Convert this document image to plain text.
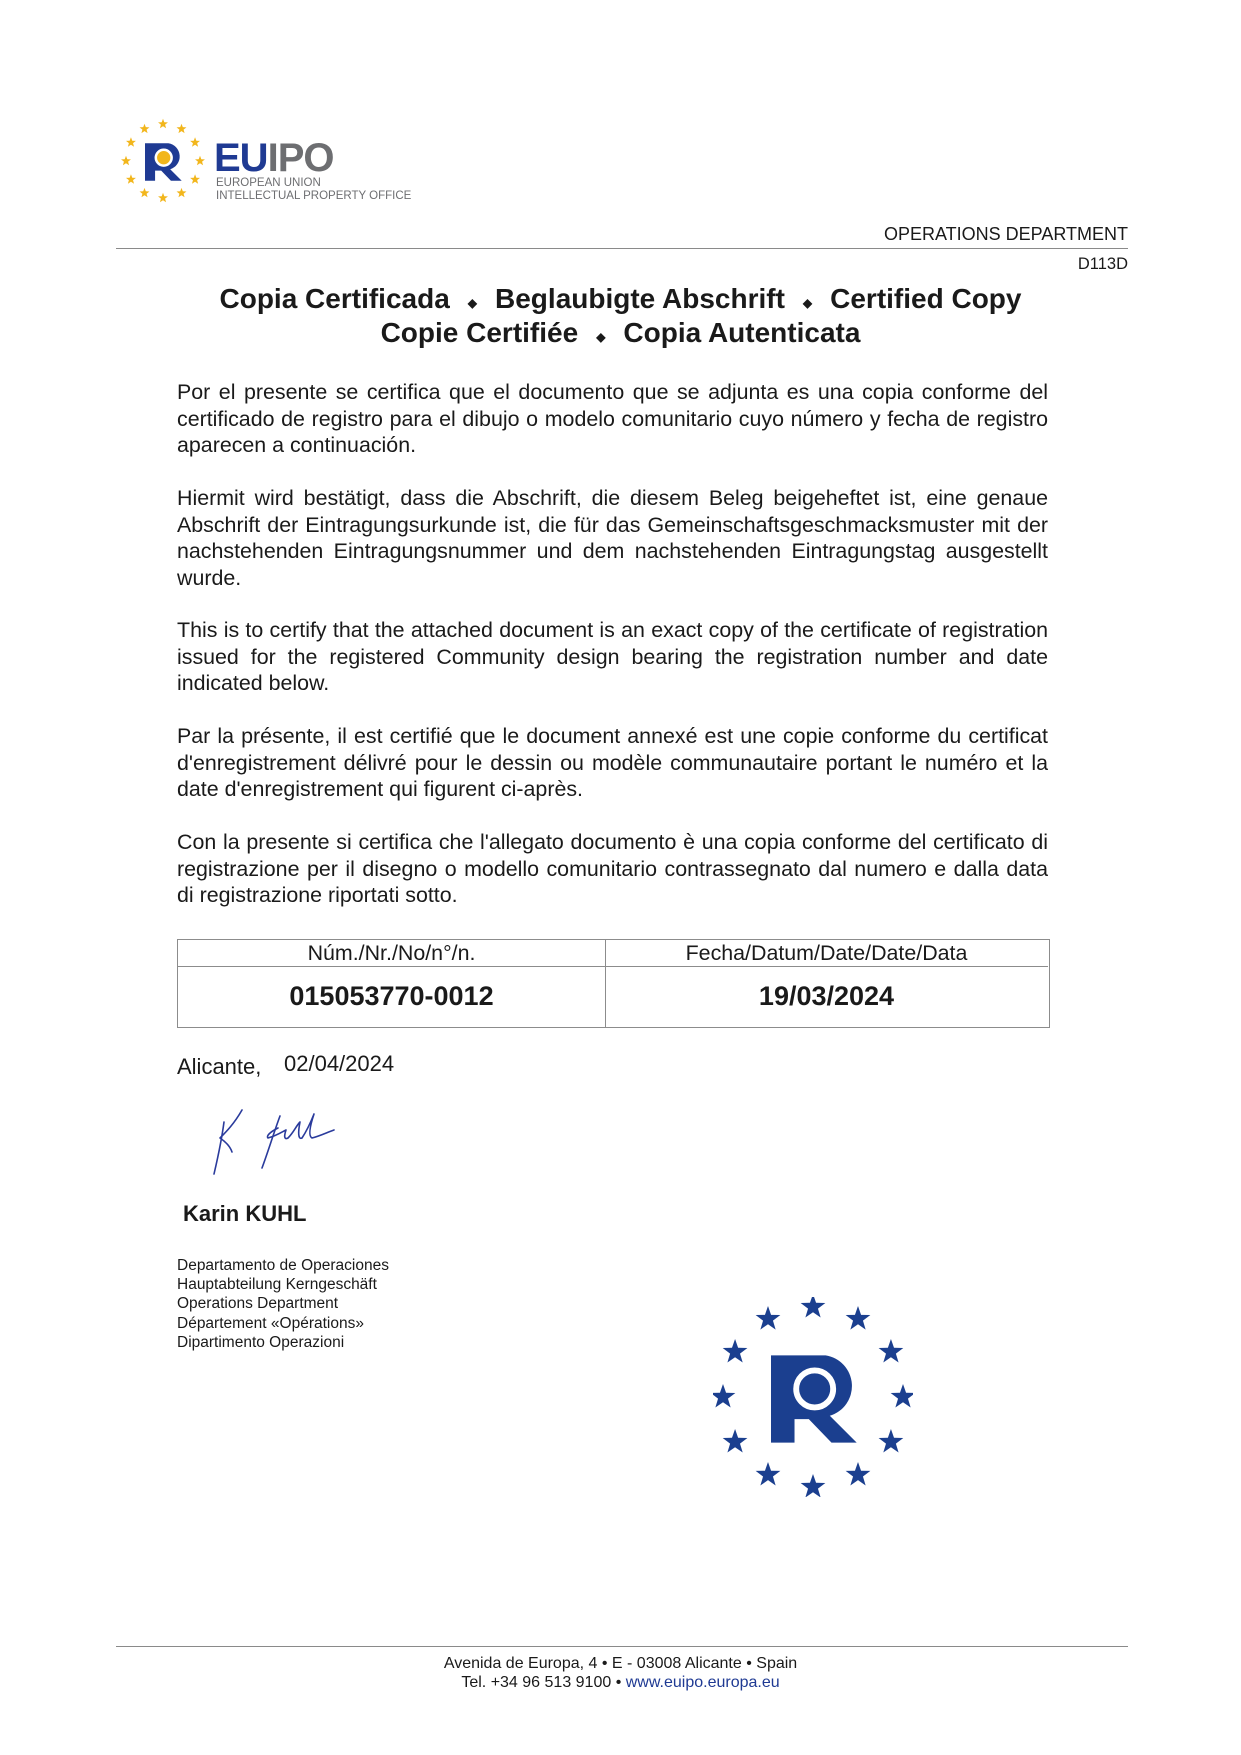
EUIPO
EUROPEAN UNION
INTELLECTUAL PROPERTY OFFICE
OPERATIONS DEPARTMENT
D113D
Copia Certificada ◆ Beglaubigte Abschrift ◆ Certified Copy
Copie Certifiée ◆ Copia Autenticata
Por el presente se certifica que el documento que se adjunta es una copia conforme del certificado de registro para el dibujo o modelo comunitario cuyo número y fecha de registro aparecen a continuación.
Hiermit wird bestätigt, dass die Abschrift, die diesem Beleg beigeheftet ist, eine genaue Abschrift der Eintragungsurkunde ist, die für das Gemeinschaftsgeschmacksmuster mit der nachstehenden Eintragungsnummer und dem nachstehenden Eintragungstag ausgestellt wurde.
This is to certify that the attached document is an exact copy of the certificate of registration issued for the registered Community design bearing the registration number and date indicated below.
Par la présente, il est certifié que le document annexé est une copie conforme du certificat d'enregistrement délivré pour le dessin ou modèle communautaire portant le numéro et la date d'enregistrement qui figurent ci-après.
Con la presente si certifica che l'allegato documento è una copia conforme del certificato di registrazione per il disegno o modello comunitario contrassegnato dal numero e dalla data di registrazione riportati sotto.
Núm./Nr./No/n°/n.	Fecha/Datum/Date/Date/Data
015053770-0012	19/03/2024
Alicante, 02/04/2024
Karin KUHL
Departamento de Operaciones
Hauptabteilung Kerngeschäft
Operations Department
Département «Opérations»
Dipartimento Operazioni
Avenida de Europa, 4 • E - 03008 Alicante • Spain
Tel. +34 96 513 9100 • www.euipo.europa.eu
